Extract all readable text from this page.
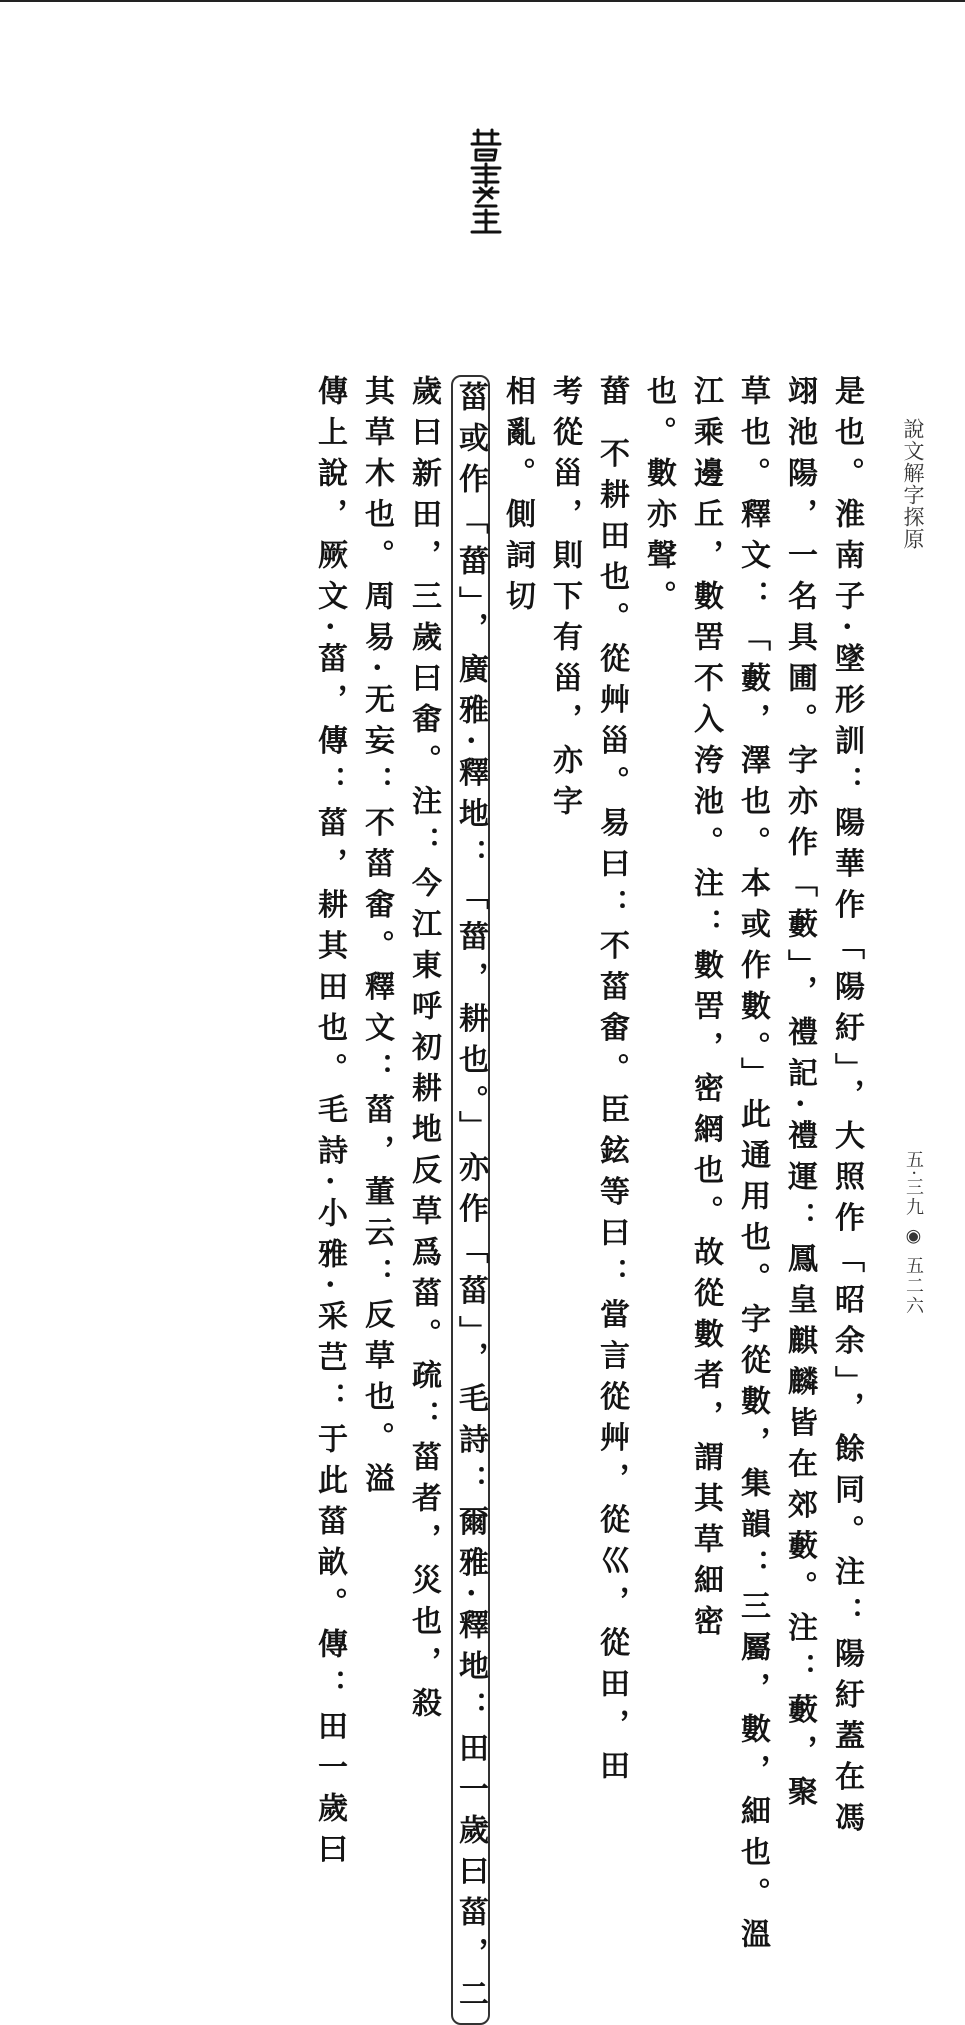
說文解字探原
五·三九 ◉ 五二六
是也。淮南子·墜形訓：陽華作「陽紆」，大照作「昭余」，餘同。注：陽紆蓋在馮
翊池陽，一名具圃。字亦作「藪」，禮記·禮運：鳳皇麒麟皆在郊藪。注：藪，聚
草也。釋文：「藪，澤也。本或作數。」此通用也。字從數，集韻：三屬，數，細也。溫
江乘邊丘，數罟不入洿池。注：數罟，密網也。故從數者，謂其草細密
也。數亦聲。
葘 不耕田也。從艸甾。易曰：不菑畬。臣鉉等曰：當言從艸，從巛，從田，田
考從甾，則下有甾，亦字
相亂。側詞切
菑或作「葘」，廣雅·釋地：「葘，耕也。」亦作「菑」，毛詩：爾雅·釋地：田一歲曰菑，二
歲曰新田，三歲曰畬。注：今江東呼初耕地反草爲菑。疏：菑者，災也，殺
其草木也。周易·无妄：不菑畬。釋文：菑，董云：反草也。溢
傳上說，厥文·菑，傳：菑，耕其田也。毛詩·小雅·采芑：于此菑畝。傳：田一歲曰
